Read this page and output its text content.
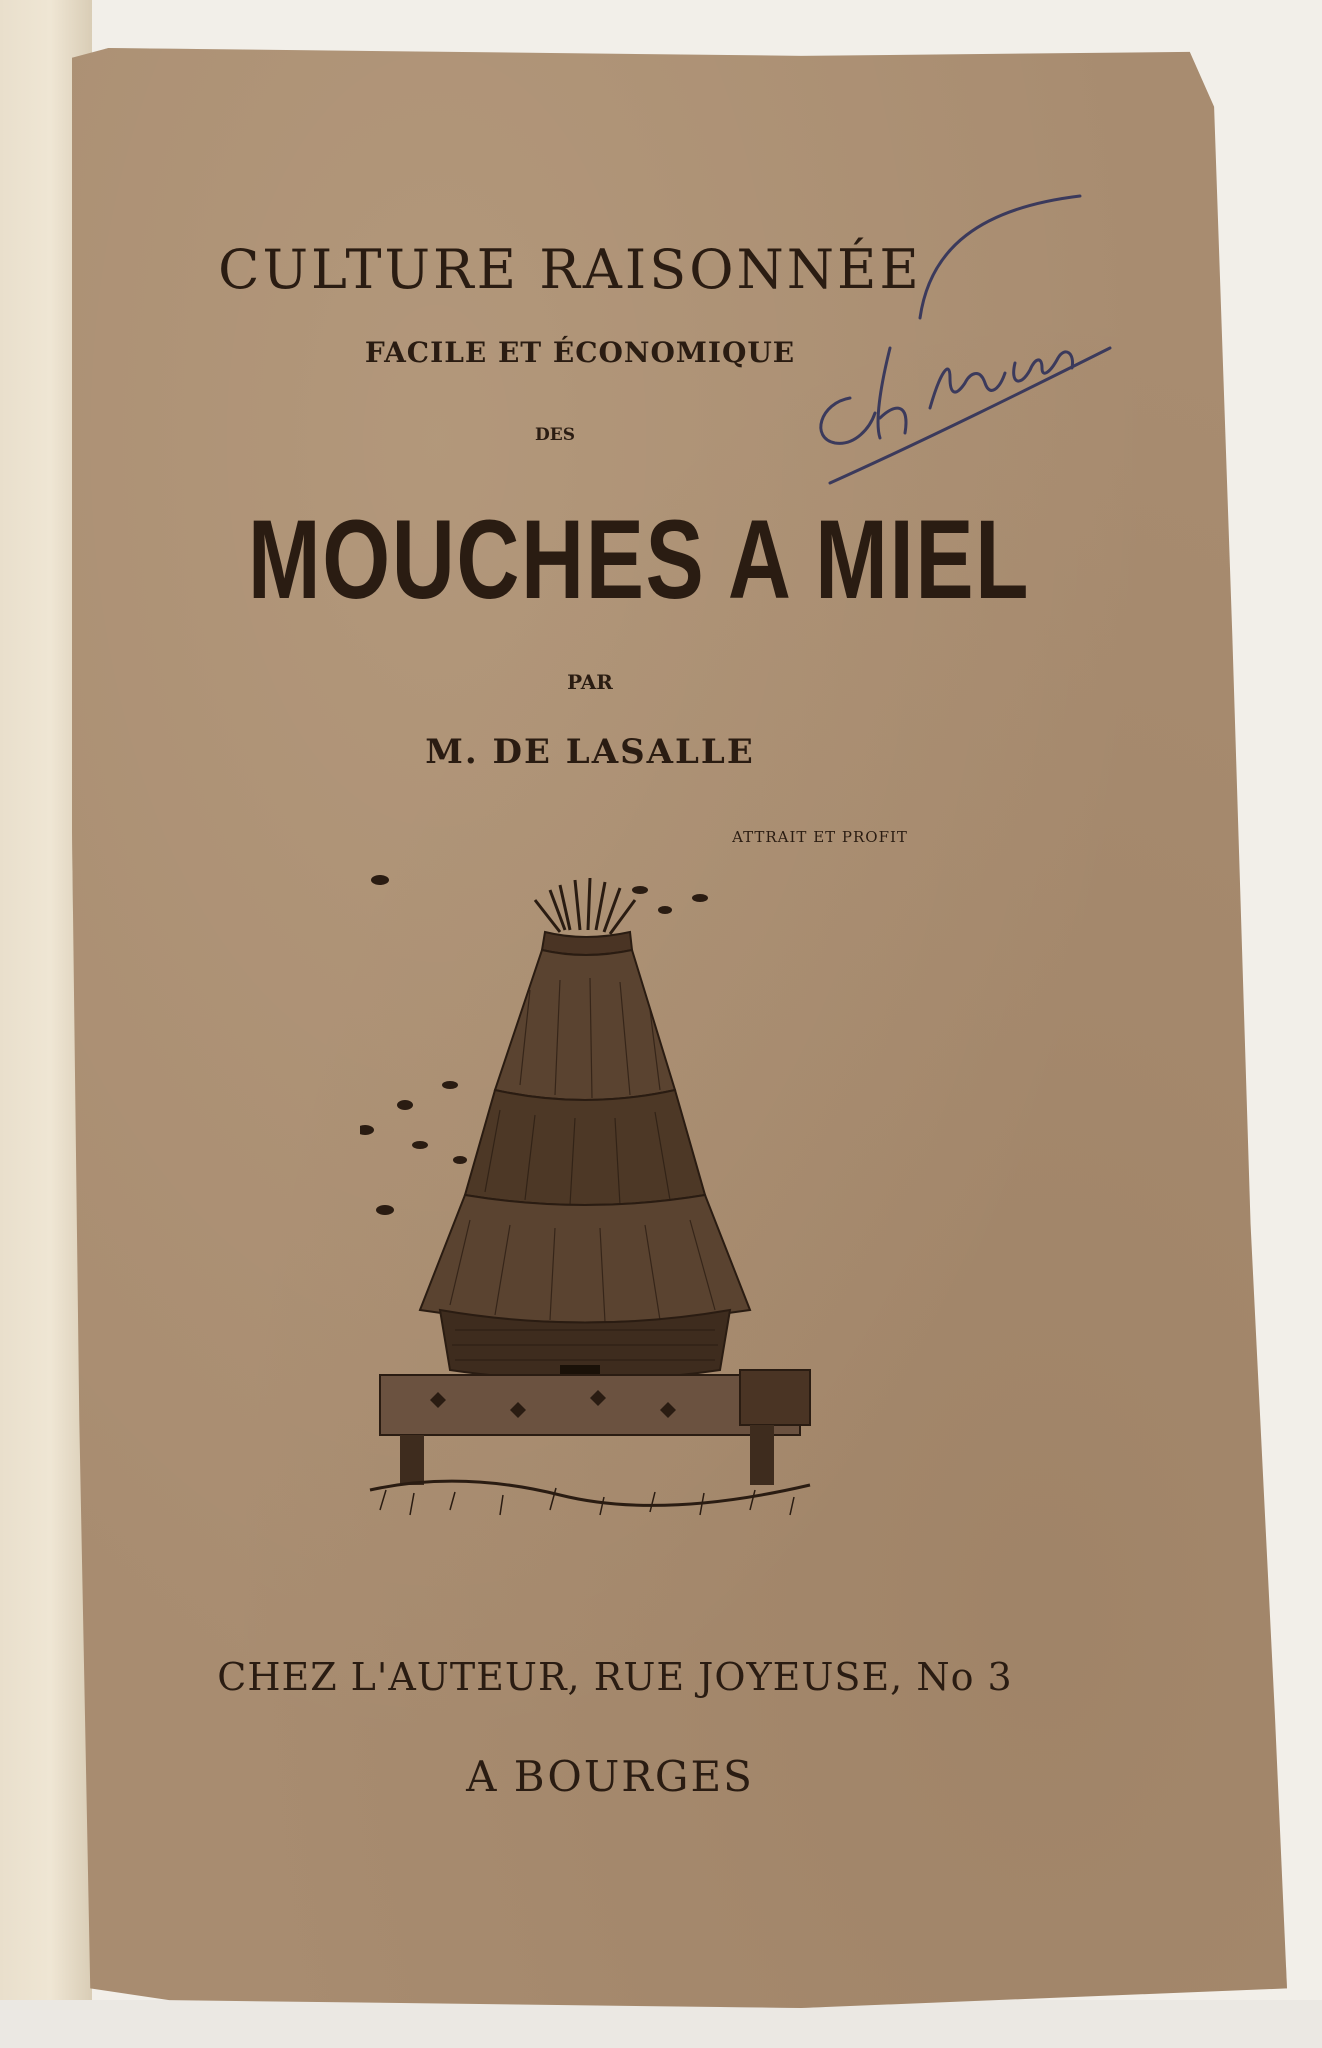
CULTURE RAISONNÉE
FACILE ET ÉCONOMIQUE
DES
MOUCHES A MIEL
PAR
M. DE LASALLE
ATTRAIT ET PROFIT
CHEZ L'AUTEUR, RUE JOYEUSE, No 3
A BOURGES
